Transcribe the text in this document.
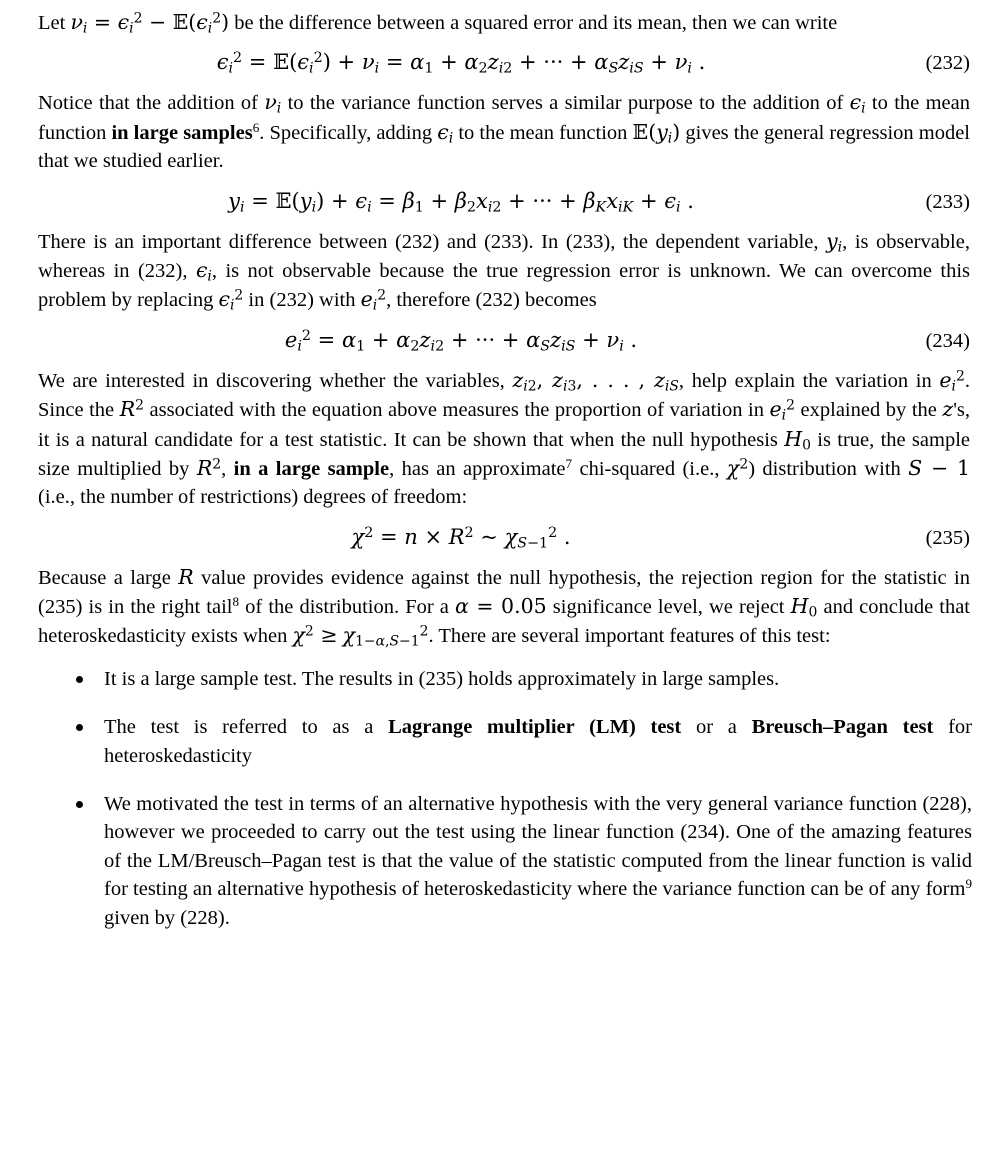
Let $\nu_i = \epsilon_i^2$ − $𝔼(\epsilon_i^2)$ be the difference between a squared error and its mean, then we can write

$\epsilon_i^2$ = $𝔼(\epsilon_i^2) + \nu_i = \alpha_1 + \alpha_2z_{i2}$ + ··· + $\alpha_Sz_{iS} + \nu_i$ .	(232)

Notice that the addition of $\nu_i$ to the variance function serves a similar purpose to the addition of $\epsilon_i$ to the mean function in large samples$^6$. Specifically, adding $\epsilon_i$ to the mean function $𝔼(y_i)$ gives the general regression model that we studied earlier.

$y_i$ = $𝔼(y_i) + \epsilon_i = \beta_1 + \beta_2x_{i2}$ + ··· + $\beta_Kx_{iK} + \epsilon_i$ .	(233)

There is an important difference between (232) and (233). In (233), the dependent variable, $y_i$, is observable, whereas in (232), $\epsilon_i$, is not observable because the true regression error is unknown. We can overcome this problem by replacing $\epsilon_i^2$ in (232) with $e_i^2$, therefore (232) becomes

$e_i^2 = \alpha_1 + \alpha_2z_{i2}$ + ··· + $\alpha_Sz_{iS} + \nu_i$ .	(234)

We are interested in discovering whether the variables, $z_{i2}$, $z_{i3}$, . . . , $z_{iS}$, help explain the variation in $e_i^2$. Since the $R^2$ associated with the equation above measures the proportion of variation in $e_i^2$ explained by the z's, it is a natural candidate for a test statistic. It can be shown that when the null hypothesis $H_0$ is true, the sample size multiplied by $R^2$, in a large sample, has an approximate$^7$ chi-squared (i.e., $\chi^2$) distribution with S − 1 (i.e., the number of restrictions) degrees of freedom:

$\chi^2 = n \times R^2$ ~ $\chi_{S-1}^2$ .	(235)

Because a large R value provides evidence against the null hypothesis, the rejection region for the statistic in (235) is in the right tail$^8$ of the distribution. For a α = 0.05 significance level, we reject $H_0$ and conclude that heteroskedasticity exists when $\chi^2 \ge \chi_{1-\alpha,S-1}^2$. There are several important features of this test:

It is a large sample test. The results in (235) holds approximately in large samples.
The test is referred to as a Lagrange multiplier (LM) test or a Breusch–Pagan test for heteroskedasticity
We motivated the test in terms of an alternative hypothesis with the very general variance function (228), however we proceeded to carry out the test using the linear function (234). One of the amazing features of the LM/Breusch–Pagan test is that the value of the statistic computed from the linear function is valid for testing an alternative hypothesis of heteroskedasticity where the variance function can be of any form$^9$ given by (228).
